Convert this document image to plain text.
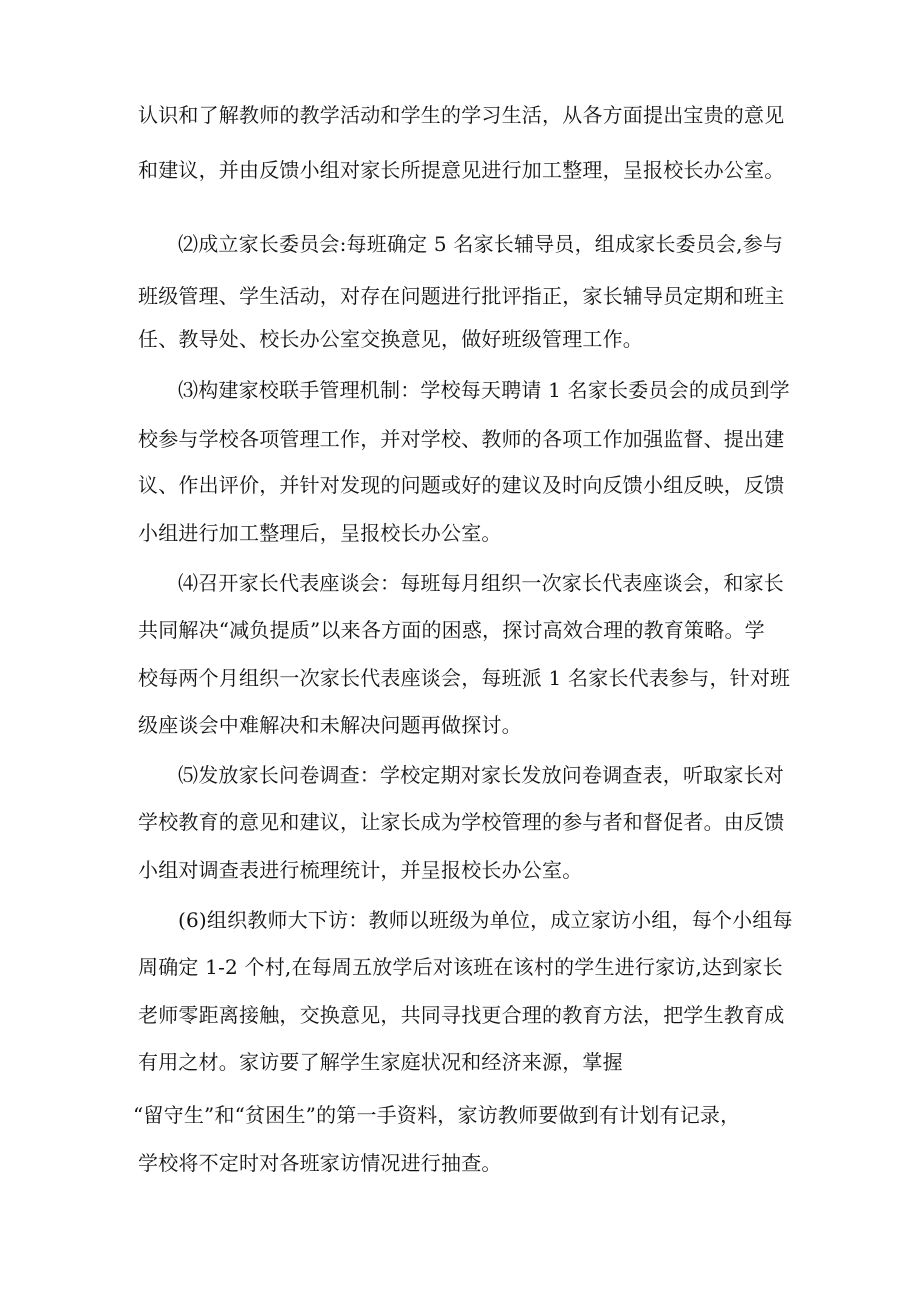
认识和了解教师的教学活动和学生的学习生活，从各方面提出宝贵的意见
和建议，并由反馈小组对家长所提意见进行加工整理，呈报校长办公室。
⑵成立家长委员会:每班确定 5 名家长辅导员，组成家长委员会,参与
班级管理、学生活动，对存在问题进行批评指正，家长辅导员定期和班主
任、教导处、校长办公室交换意见，做好班级管理工作。
⑶构建家校联手管理机制：学校每天聘请 1 名家长委员会的成员到学
校参与学校各项管理工作，并对学校、教师的各项工作加强监督、提出建
议、作出评价，并针对发现的问题或好的建议及时向反馈小组反映，反馈
小组进行加工整理后，呈报校长办公室。
⑷召开家长代表座谈会：每班每月组织一次家长代表座谈会，和家长
共同解决“减负提质”以来各方面的困惑，探讨高效合理的教育策略。学
校每两个月组织一次家长代表座谈会，每班派 1 名家长代表参与，针对班
级座谈会中难解决和未解决问题再做探讨。
⑸发放家长问卷调查：学校定期对家长发放问卷调查表，听取家长对
学校教育的意见和建议，让家长成为学校管理的参与者和督促者。由反馈
小组对调查表进行梳理统计，并呈报校长办公室。
(6)组织教师大下访：教师以班级为单位，成立家访小组，每个小组每
周确定 1-2 个村,在每周五放学后对该班在该村的学生进行家访,达到家长
老师零距离接触，交换意见，共同寻找更合理的教育方法，把学生教育成
有用之材。家访要了解学生家庭状况和经济来源，掌握
“留守生”和“贫困生”的第一手资料，家访教师要做到有计划有记录，
学校将不定时对各班家访情况进行抽查。
